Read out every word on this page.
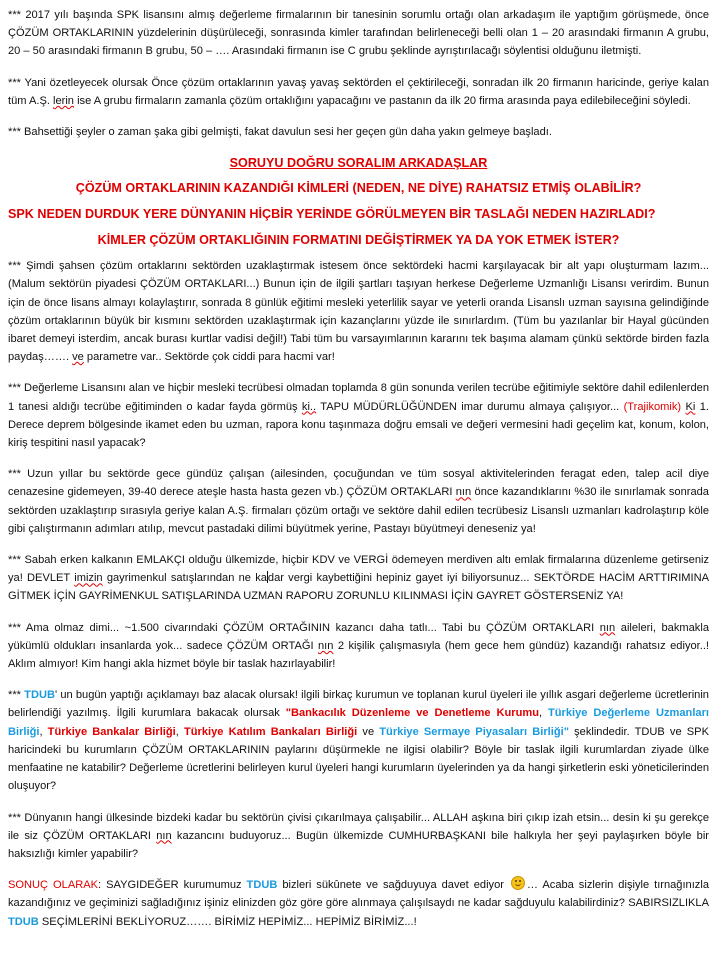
*** 2017 yılı başında SPK lisansını almış değerleme firmalarının bir tanesinin sorumlu ortağı olan arkadaşım ile yaptığım görüşmede, önce ÇÖZÜM ORTAKLARININ yüzdelerinin düşürüleceği, sonrasında kimler tarafından belirleneceği belli olan 1 – 20 arasındaki firmanın A grubu, 20 – 50 arasındaki firmanın B grubu, 50 – …. Arasındaki firmanın ise C grubu şeklinde ayrıştırılacağı söylentisi olduğunu iletmişti.

*** Yani özetleyecek olursak Önce çözüm ortaklarının yavaş yavaş sektörden el çektirileceği, sonradan ilk 20 firmanın haricinde, geriye kalan tüm A.Ş. lerin ise A grubu firmaların zamanla çözüm ortaklığını yapacağını ve pastanın da ilk 20 firma arasında paya edilebileceğini söyledi.

*** Bahsettiği şeyler o zaman şaka gibi gelmişti, fakat davulun sesi her geçen gün daha yakın gelmeye başladı.

SORUYU DOĞRU SORALIM ARKADAŞLAR
ÇÖZÜM ORTAKLARININ KAZANDIĞI KİMLERİ (NEDEN, NE DİYE) RAHATSIZ ETMİŞ OLABİLİR?
SPK NEDEN DURDUK YERE DÜNYANIN HİÇBİR YERİNDE GÖRÜLMEYEN BİR TASLAĞI NEDEN HAZIRLADI?
KİMLER ÇÖZÜM ORTAKLIĞININ FORMATINI DEĞİŞTİRMEK YA DA YOK ETMEK İSTER?

*** Şimdi şahsen çözüm ortaklarını sektörden uzaklaştırmak istesem önce sektördeki hacmi karşılayacak bir alt yapı oluşturmam lazım... (Malum sektörün piyadesi ÇÖZÜM ORTAKLARI...) Bunun için de ilgili şartları taşıyan herkese Değerleme Uzmanlığı Lisansı verirdim. Bunun için de önce lisans almayı kolaylaştırır, sonrada 8 günlük eğitimi mesleki yeterlilik sayar ve yeterli oranda Lisanslı uzman sayısına gelindiğinde çözüm ortaklarının büyük bir kısmını sektörden uzaklaştırmak için kazançlarını yüzde ile sınırlardım. (Tüm bu yazılanlar bir Hayal gücünden ibaret demeyi isterdim, ancak burası kurtlar vadisi değil!) Tabi tüm bu varsayımlarının kararını tek başıma alamam çünkü sektörde birden fazla paydaş……. ve parametre var.. Sektörde çok ciddi para hacmi var!

*** Değerleme Lisansını alan ve hiçbir mesleki tecrübesi olmadan toplamda 8 gün sonunda verilen tecrübe eğitimiyle sektöre dahil edilenlerden 1 tanesi aldığı tecrübe eğitiminden o kadar fayda görmüş ki.. TAPU MÜDÜRLÜĞÜNDEN imar durumu almaya çalışıyor... (Trajikomik) Ki 1. Derece deprem bölgesinde ikamet eden bu uzman, rapora konu taşınmaza doğru emsali ve değeri vermesini hadi geçelim kat, konum, kolon, kiriş tespitini nasıl yapacak?

*** Uzun yıllar bu sektörde gece gündüz çalışan (ailesinden, çocuğundan ve tüm sosyal aktivitelerinden feragat eden, talep acil diye cenazesine gidemeyen, 39-40 derece ateşle hasta hasta gezen vb.) ÇÖZÜM ORTAKLARI nın önce kazandıklarını %30 ile sınırlamak sonrada sektörden uzaklaştırıp sırasıyla geriye kalan A.Ş. firmaları çözüm ortağı ve sektöre dahil edilen tecrübesiz Lisanslı uzmanları kadrolaştırıp köle gibi çalıştırmanın adımları atılıp, mevcut pastadaki dilimi büyütmek yerine, Pastayı büyütmeyi deneseniz ya!

*** Sabah erken kalkanın EMLAKÇI olduğu ülkemizde, hiçbir KDV ve VERGİ ödemeyen merdiven altı emlak firmalarına düzenleme getirseniz ya! DEVLET imizin gayrimenkul satışlarından ne kadar vergi kaybettiğini hepiniz gayet iyi biliyorsunuz... SEKTÖRDE HACİM ARTTIRIMINA GİTMEK İÇİN GAYRİMENKUL SATIŞLARINDA UZMAN RAPORU ZORUNLU KILINMASI İÇİN GAYRET GÖSTERSENİZ YA!

*** Ama olmaz dimi... ~1.500 civarındaki ÇÖZÜM ORTAĞININ kazancı daha tatlı... Tabi bu ÇÖZÜM ORTAKLARI nın aileleri, bakmakla yükümlü oldukları insanlarda yok... sadece ÇÖZÜM ORTAĞI nın 2 kişilik çalışmasıyla (hem gece hem gündüz) kazandığı rahatsız ediyor..! Aklım almıyor! Kim hangi akla hizmet böyle bir taslak hazırlayabilir!

*** TDUB' un bugün yaptığı açıklamayı baz alacak olursak! ilgili birkaç kurumun ve toplanan kurul üyeleri ile yıllık asgari değerleme ücretlerinin belirlendiği yazılmış. İlgili kurumlara bakacak olursak "Bankacılık Düzenleme ve Denetleme Kurumu, Türkiye Değerleme Uzmanları Birliği, Türkiye Bankalar Birliği, Türkiye Katılım Bankaları Birliği ve Türkiye Sermaye Piyasaları Birliği" şeklindedir. TDUB ve SPK haricindeki bu kurumların ÇÖZÜM ORTAKLARININ paylarını düşürmekle ne ilgisi olabilir? Böyle bir taslak ilgili kurumlardan ziyade ülke menfaatine ne katabilir? Değerleme ücretlerini belirleyen kurul üyeleri hangi kurumların üyelerinden ya da hangi şirketlerin eski yöneticilerinden oluşuyor?

*** Dünyanın hangi ülkesinde bizdeki kadar bu sektörün çivisi çıkarılmaya çalışabilir... ALLAH aşkına biri çıkıp izah etsin... desin ki şu gerekçe ile siz ÇÖZÜM ORTAKLARI nın kazancını buduyoruz... Bugün ülkemizde CUMHURBAŞKANI bile halkıyla her şeyi paylaşırken böyle bir haksızlığı kimler yapabilir?

SONUÇ OLARAK: SAYGIDEĞER kurumumuz TDUB bizleri sükûnete ve sağduyuya davet ediyor … Acaba sizlerin dişiyle tırnağınızla kazandığınız ve geçiminizi sağladığınız işiniz elinizden göz göre göre alınmaya çalışılsaydı ne kadar sağduyulu kalabilirdiniz? SABIRSIZLIKLA TDUB SEÇİMLERİNİ BEKLİYORUZ……. BİRİMİZ HEPİMİZ... HEPİMİZ BİRİMİZ...!
